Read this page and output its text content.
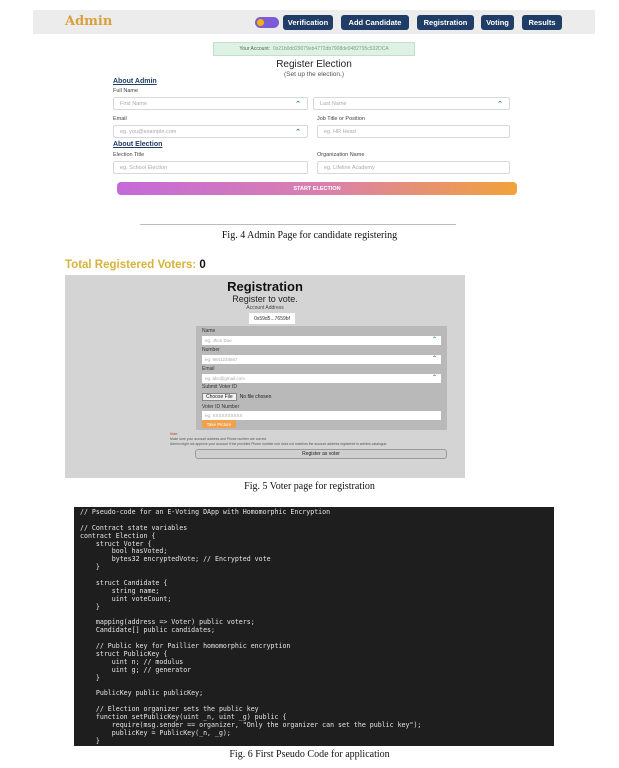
Admin	Verification	Add Candidate	Registration	Voting	Results
Your Account: 0x21b0dd29079eb4772db7908de9482795c532DCA
Register Election
(Set up the election.)
About Admin
Full Name
First Name	⌃	Last Name	⌃
Email	Job Title or Position
eg. you@example.com	⌃	eg. HR Head
About Election
Election Title	Organization Name
eg. School Election	eg. Lifeline Academy
START ELECTION
Fig. 4 Admin Page for candidate registering
Total Registered Voters: 0
Registration
Register to vote.
Account Address
0x59d5...7659bf
Name
eg. Jhon Doe	⌃
Number
eg. 9841234567	⌃
Email
eg. abc@gmail.com	⌃
Submit Voter ID
Choose File	No file chosen
Voter ID Number
eg. XXXXXXXXXX
Take Picture
Note:
Make sure your account address and Phone number are correct.
Admin might not approve your account if the provided Phone number nub does not matches the account address registered in admins catalogue.
Register as voter
Fig. 5 Voter page for registration
// Pseudo-code for an E-Voting DApp with Homomorphic Encryption
// Contract state variables
contract Election {
struct Voter {
bool hasVoted;
bytes32 encryptedVote; // Encrypted vote
}
struct Candidate {
string name;
uint voteCount;
}
mapping(address => Voter) public voters;
Candidate[] public candidates;
// Public key for Paillier homomorphic encryption
struct PublicKey {
uint n; // modulus
uint g; // generator
}
PublicKey public publicKey;
// Election organizer sets the public key
function setPublicKey(uint _n, uint _g) public {
require(msg.sender == organizer, "Only the organizer can set the public key");
publicKey = PublicKey(_n, _g);
}
Fig. 6 First Pseudo Code for application
